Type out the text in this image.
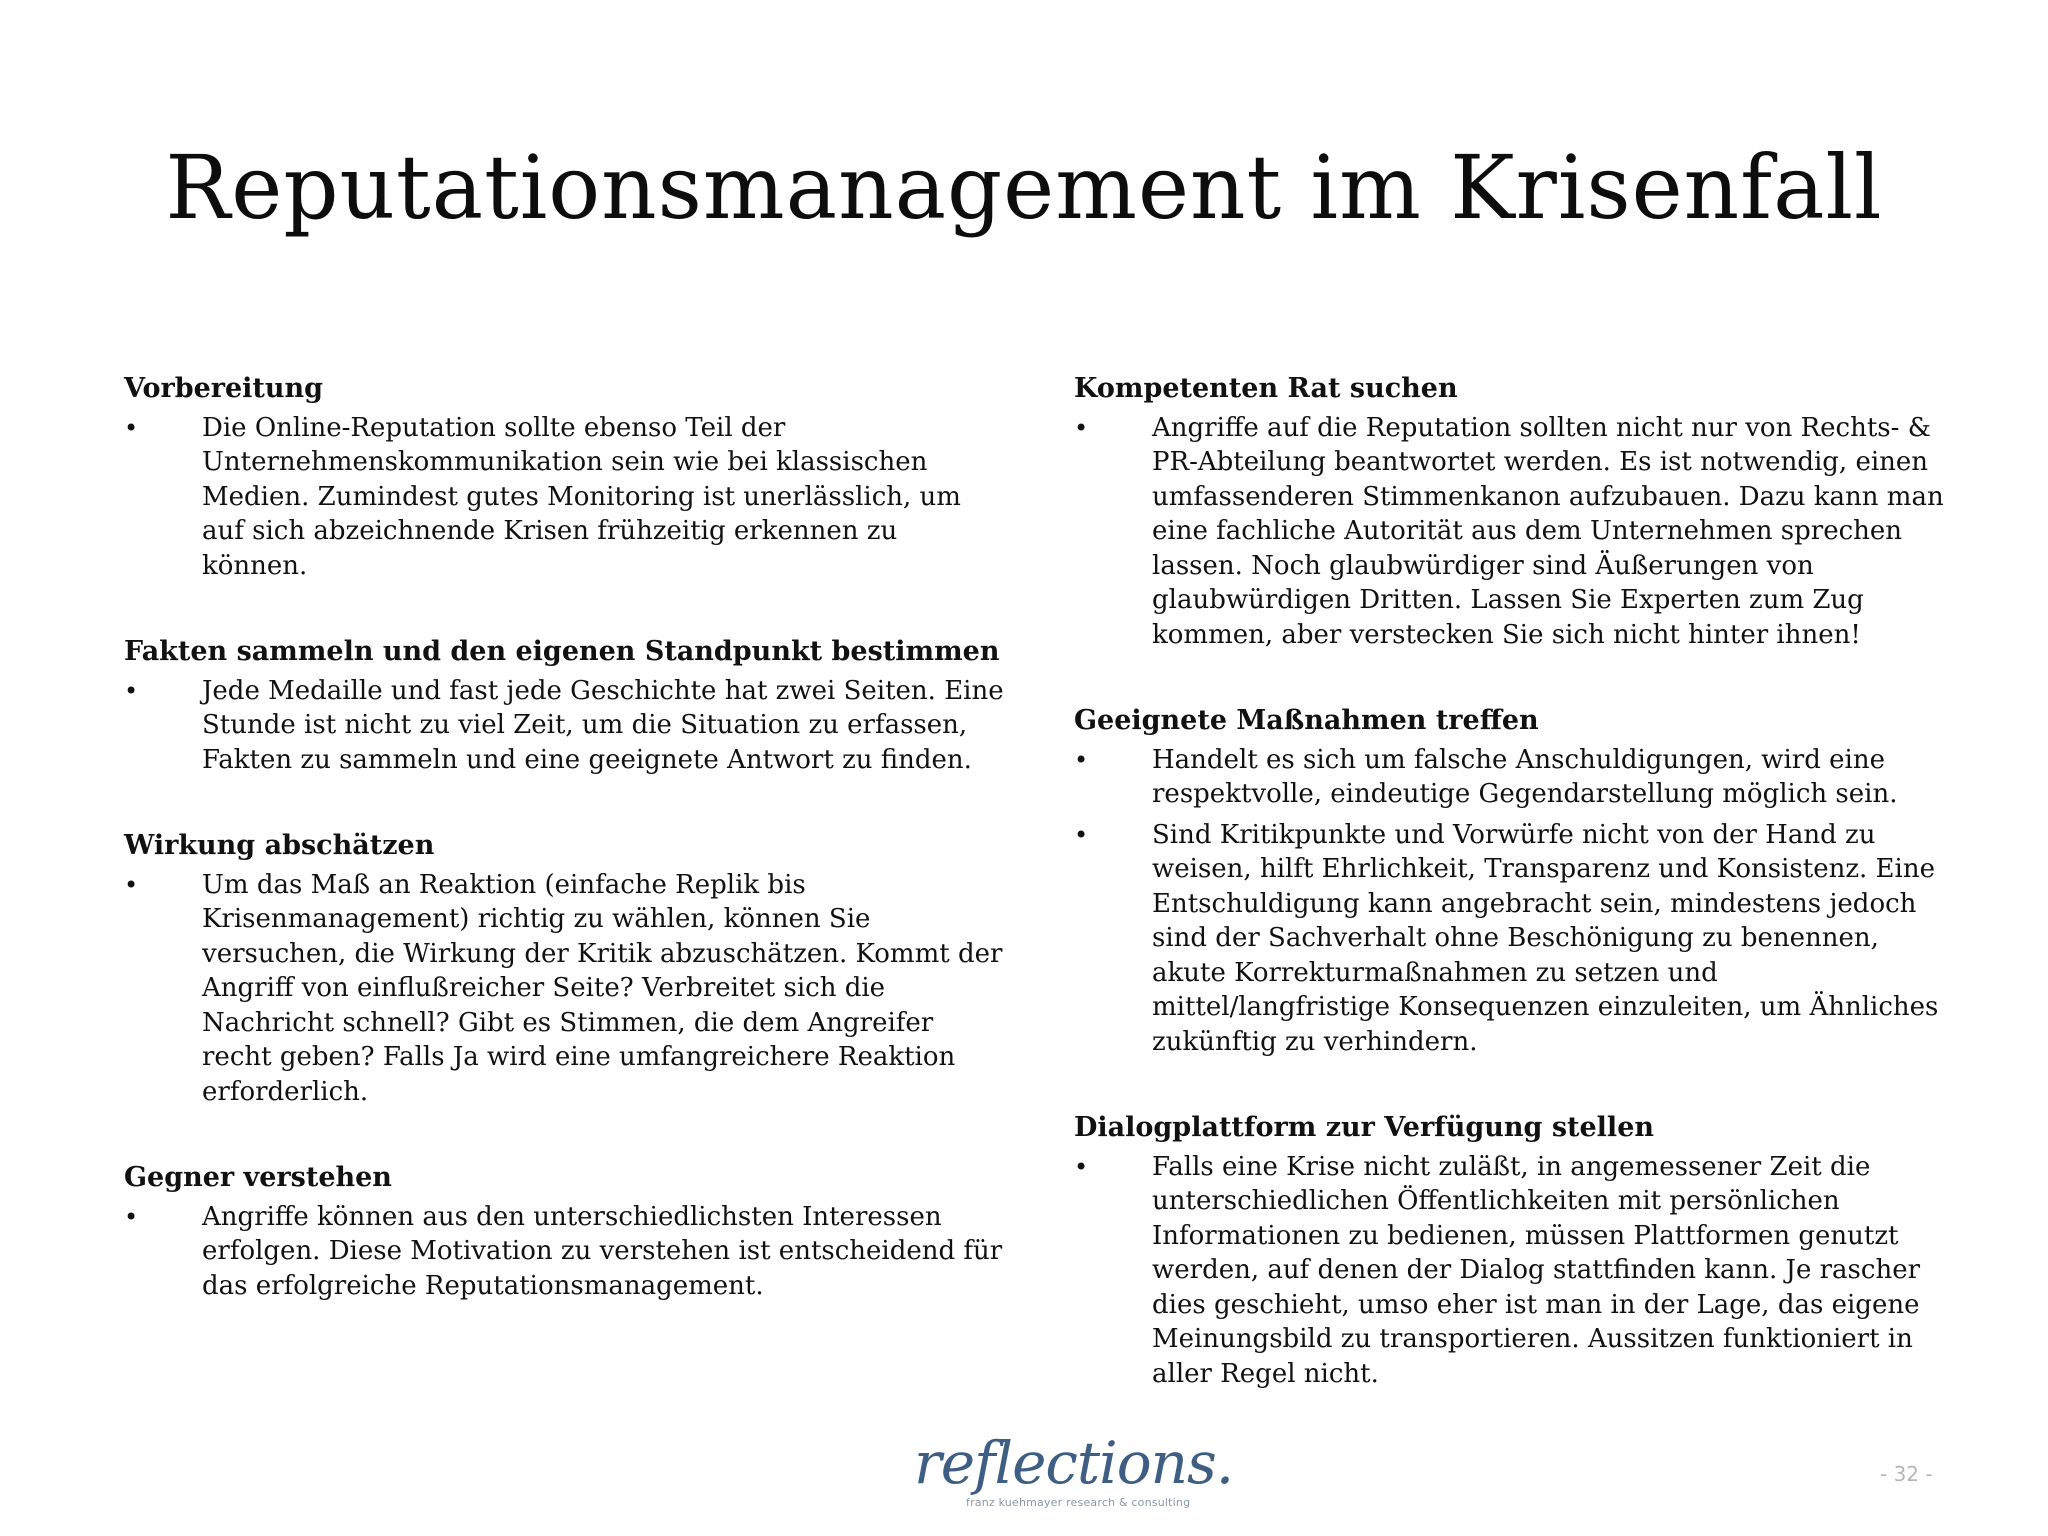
Reputationsmanagement im Krisenfall
Vorbereitung
•	Die Online-Reputation sollte ebenso Teil der Unternehmenskommunikation sein wie bei klassischen Medien. Zumindest gutes Monitoring ist unerlässlich, um auf sich abzeichnende Krisen frühzeitig erkennen zu können.
Fakten sammeln und den eigenen Standpunkt bestimmen
•	Jede Medaille und fast jede Geschichte hat zwei Seiten. Eine Stunde ist nicht zu viel Zeit, um die Situation zu erfassen, Fakten zu sammeln und eine geeignete Antwort zu finden.
Wirkung abschätzen
•	Um das Maß an Reaktion (einfache Replik bis Krisenmanagement) richtig zu wählen, können Sie versuchen, die Wirkung der Kritik abzuschätzen. Kommt der Angriff von einflußreicher Seite? Verbreitet sich die Nachricht schnell? Gibt es Stimmen, die dem Angreifer recht geben? Falls Ja wird eine umfangreichere Reaktion erforderlich.
Gegner verstehen
•	Angriffe können aus den unterschiedlichsten Interessen erfolgen. Diese Motivation zu verstehen ist entscheidend für das erfolgreiche Reputationsmanagement.
Kompetenten Rat suchen
•	Angriffe auf die Reputation sollten nicht nur von Rechts- & PR-Abteilung beantwortet werden. Es ist notwendig, einen umfassenderen Stimmenkanon aufzubauen. Dazu kann man eine fachliche Autorität aus dem Unternehmen sprechen lassen. Noch glaubwürdiger sind Äußerungen von glaubwürdigen Dritten. Lassen Sie Experten zum Zug kommen, aber verstecken Sie sich nicht hinter ihnen!
Geeignete Maßnahmen treffen
•	Handelt es sich um falsche Anschuldigungen, wird eine respektvolle, eindeutige Gegendarstellung möglich sein.
•	Sind Kritikpunkte und Vorwürfe nicht von der Hand zu weisen, hilft Ehrlichkeit, Transparenz und Konsistenz. Eine Entschuldigung kann angebracht sein, mindestens jedoch sind der Sachverhalt ohne Beschönigung zu benennen, akute Korrekturmaßnahmen zu setzen und mittel/langfristige Konsequenzen einzuleiten, um Ähnliches zukünftig zu verhindern.
Dialogplattform zur Verfügung stellen
•	Falls eine Krise nicht zuläßt, in angemessener Zeit die unterschiedlichen Öffentlichkeiten mit persönlichen Informationen zu bedienen, müssen Plattformen genutzt werden, auf denen der Dialog stattfinden kann. Je rascher dies geschieht, umso eher ist man in der Lage, das eigene Meinungsbild zu transportieren. Aussitzen funktioniert in aller Regel nicht.
reflections.
franz kuehmayer research & consulting
- 32 -
